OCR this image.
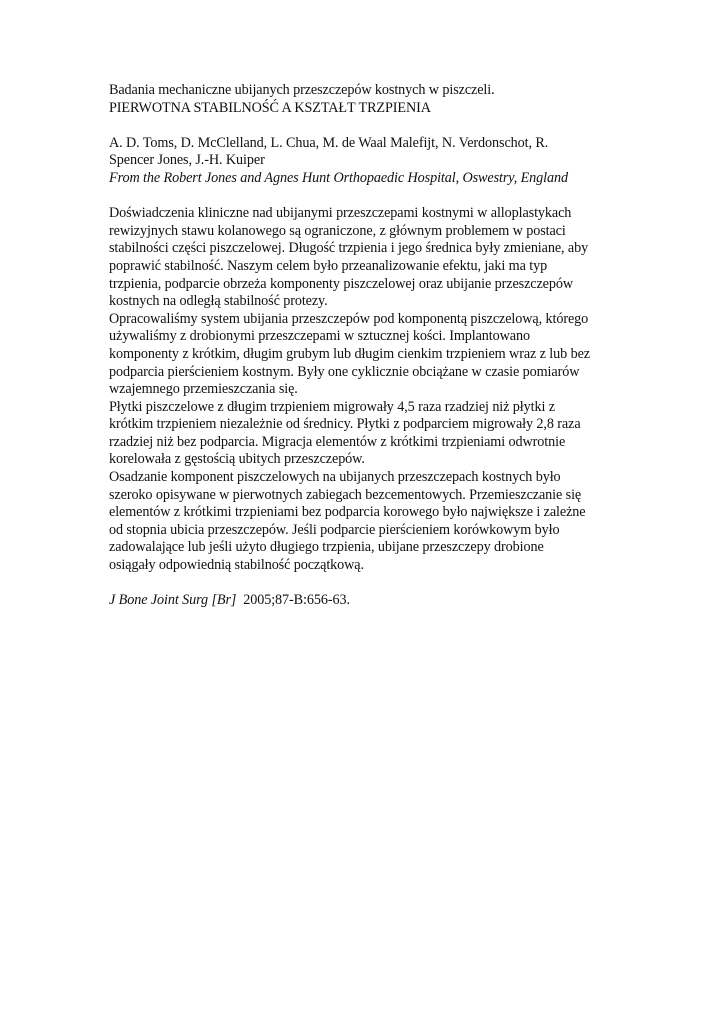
Badania mechaniczne ubijanych przeszczepów kostnych w piszczeli.
PIERWOTNA STABILNOŚĆ A KSZTAŁT TRZPIENIA
A. D. Toms, D. McClelland, L. Chua, M. de Waal Malefijt, N. Verdonschot, R.
Spencer Jones, J.-H. Kuiper
From the Robert Jones and Agnes Hunt Orthopaedic Hospital, Oswestry, England
Doświadczenia kliniczne nad ubijanymi przeszczepami kostnymi w alloplastykach
rewizyjnych stawu kolanowego są ograniczone, z głównym problemem w postaci
stabilności części piszczelowej. Długość trzpienia i jego średnica były zmieniane, aby
poprawić stabilność. Naszym celem było przeanalizowanie efektu, jaki ma typ
trzpienia, podparcie obrzeża komponenty piszczelowej oraz ubijanie przeszczepów
kostnych na odległą stabilność protezy.
Opracowaliśmy system ubijania przeszczepów pod komponentą piszczelową, którego
używaliśmy z drobionymi przeszczepami w sztucznej kości. Implantowano
komponenty z krótkim, długim grubym lub długim cienkim trzpieniem wraz z lub bez
podparcia pierścieniem kostnym. Były one cyklicznie obciążane w czasie pomiarów
wzajemnego przemieszczania się.
Płytki piszczelowe z długim trzpieniem migrowały 4,5 raza rzadziej niż płytki z
krótkim trzpieniem niezależnie od średnicy. Płytki z podparciem migrowały 2,8 raza
rzadziej niż bez podparcia. Migracja elementów z krótkimi trzpieniami odwrotnie
korelowała z gęstością ubitych przeszczepów.
Osadzanie komponent piszczelowych na ubijanych przeszczepach kostnych było
szeroko opisywane w pierwotnych zabiegach bezcementowych. Przemieszczanie się
elementów z krótkimi trzpieniami bez podparcia korowego było największe i zależne
od stopnia ubicia przeszczepów. Jeśli podparcie pierścieniem korówkowym było
zadowalające lub jeśli użyto długiego trzpienia, ubijane przeszczepy drobione
osiągały odpowiednią stabilność początkową.
J Bone Joint Surg [Br] 2005;87-B:656-63.
